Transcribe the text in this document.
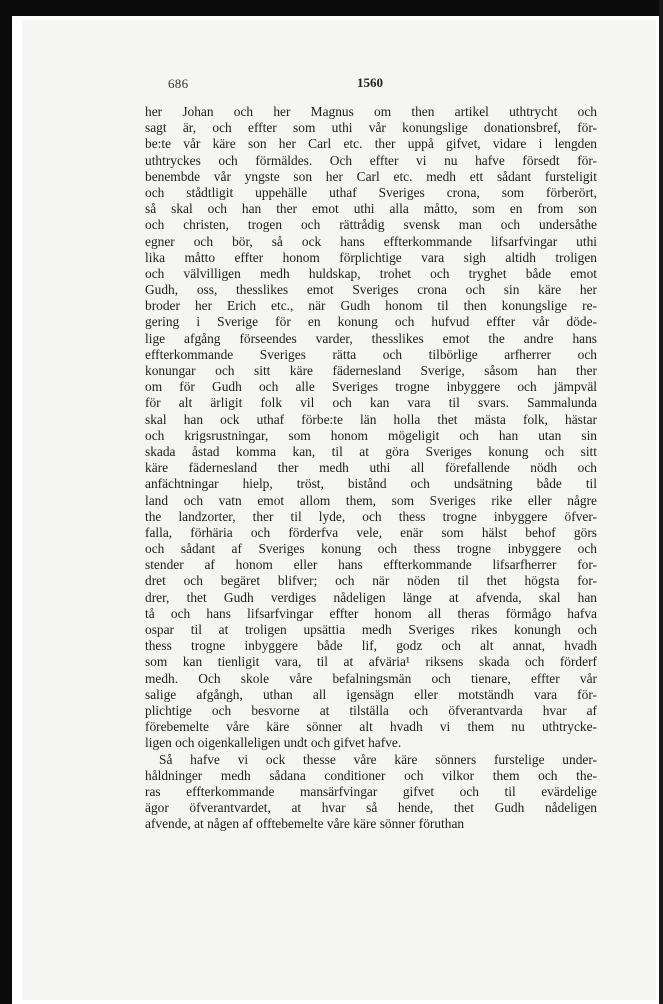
686	1560
her Johan och her Magnus om then artikel uthtrycht och
sagt är, och effter som uthi vår konungslige donationsbref, för-
be:te vår käre son her Carl etc. ther uppå gifvet, vidare i lengden
uthtryckes och förmäldes. Och effter vi nu hafve försedt för-
benembde vår yngste son her Carl etc. medh ett sådant fursteligit
och stådtligit uppehälle uthaf Sveriges crona, som förberört,
så skal och han ther emot uthi alla måtto, som en from son
och christen, trogen och rättrådig svensk man och undersåthe
egner och bör, så ock hans effterkommande lifsarfvingar uthi
lika måtto effter honom förplichtige vara sigh altidh troligen
och välvilligen medh huldskap, trohet och tryghet både emot
Gudh, oss, thesslikes emot Sveriges crona och sin käre her
broder her Erich etc., när Gudh honom til then konungslige re-
gering i Sverige för en konung och hufvud effter vår döde-
lige afgång förseendes varder, thesslikes emot the andre hans
effterkommande Sveriges rätta och tilbörlige arfherrer och
konungar och sitt käre fädernesland Sverige, såsom han ther
om för Gudh och alle Sveriges trogne inbyggere och jämpväl
för alt ärligit folk vil och kan vara til svars. Sammalunda
skal han ock uthaf förbe:te län holla thet mästa folk, hästar
och krigsrustningar, som honom mögeligit och han utan sin
skada åstad komma kan, til at göra Sveriges konung och sitt
käre fädernesland ther medh uthi all förefallende nödh och
anfächtningar hielp, tröst, bistånd och undsätning både til
land och vatn emot allom them, som Sveriges rike eller någre
the landzorter, ther til lyde, och thess trogne inbyggere öfver-
falla, förhäria och förderfva vele, enär som hälst behof görs
och sådant af Sveriges konung och thess trogne inbyggere och
stender af honom eller hans effterkommande lifsarfherrer for-
dret och begäret blifver; och när nöden til thet högsta for-
drer, thet Gudh verdiges nådeligen länge at afvenda, skal han
tå och hans lifsarfvingar effter honom all theras förmågo hafva
ospar til at troligen upsättia medh Sveriges rikes konungh och
thess trogne inbyggere både lif, godz och alt annat, hvadh
som kan tienligit vara, til at afväria¹ riksens skada och förderf
medh. Och skole våre befalningsmän och tienare, effter vår
salige afgångh, uthan all igensägn eller motständh vara för-
plichtige och besvorne at tilställa och öfverantvarda hvar af
förebemelte våre käre sönner alt hvadh vi them nu uthtrycke-
ligen och oigenkalleligen undt och gifvet hafve.
Så hafve vi ock thesse våre käre sönners furstelige under-
håldninger medh sådana conditioner och vilkor them och the-
ras effterkommande mansärfvingar gifvet och til evärdelige
ägor öfverantvardet, at hvar så hende, thet Gudh nådeligen
afvende, at någen af offtebemelte våre käre sönner föruthan
